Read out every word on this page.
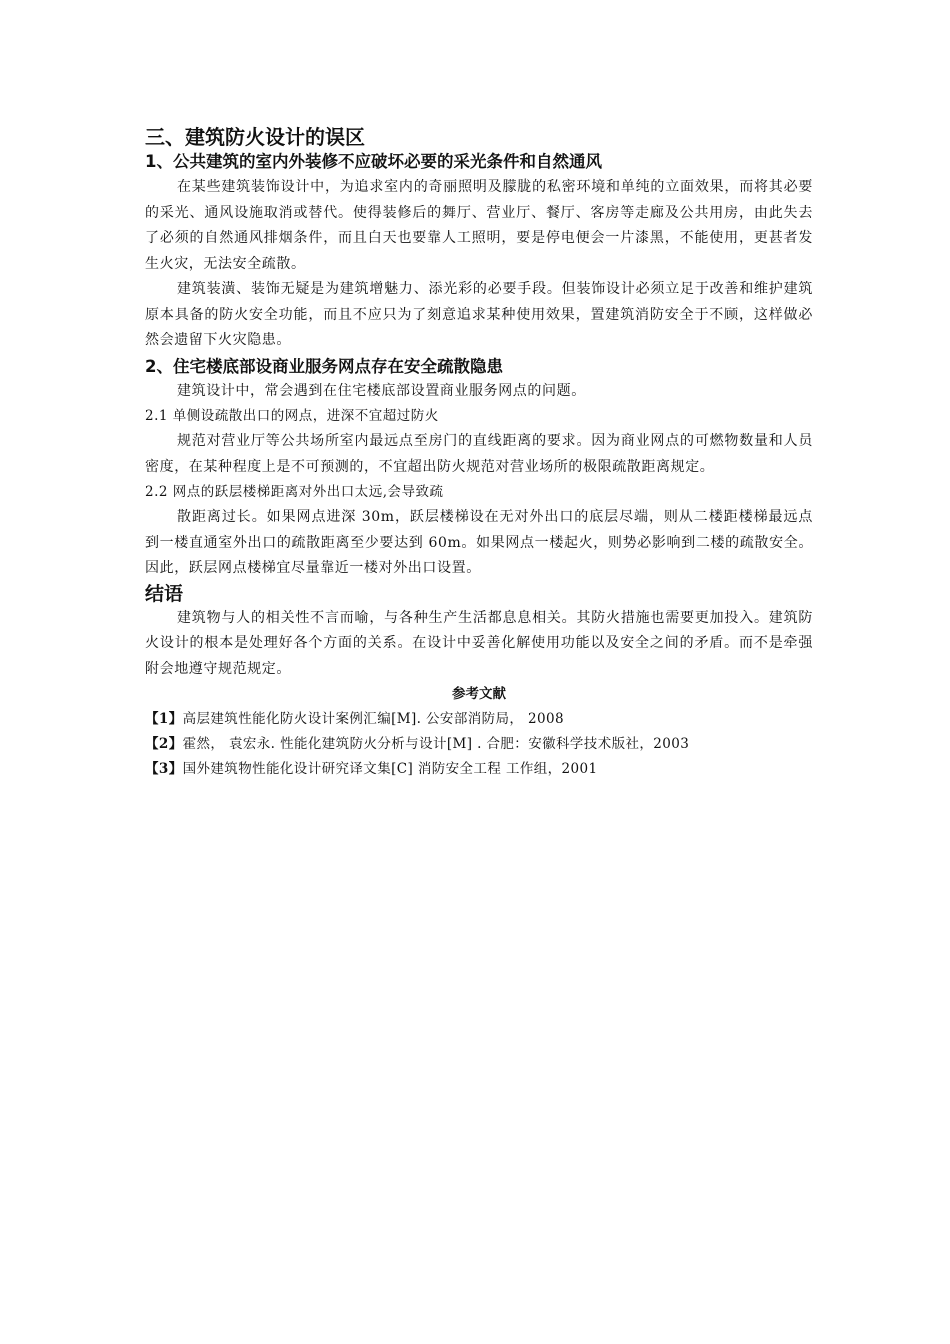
三、建筑防火设计的误区
1、公共建筑的室内外装修不应破坏必要的采光条件和自然通风

在某些建筑装饰设计中，为追求室内的奇丽照明及朦胧的私密环境和单纯的立面效果，而将其必要的采光、通风设施取消或替代。使得装修后的舞厅、营业厅、餐厅、客房等走廊及公共用房，由此失去了必须的自然通风排烟条件，而且白天也要靠人工照明，要是停电便会一片漆黑，不能使用，更甚者发生火灾，无法安全疏散。

建筑装潢、装饰无疑是为建筑增魅力、添光彩的必要手段。但装饰设计必须立足于改善和维护建筑原本具备的防火安全功能，而且不应只为了刻意追求某种使用效果，置建筑消防安全于不顾，这样做必然会遗留下火灾隐患。

2、住宅楼底部设商业服务网点存在安全疏散隐患

建筑设计中，常会遇到在住宅楼底部设置商业服务网点的问题。

2.1 单侧设疏散出口的网点，进深不宜超过防火

规范对营业厅等公共场所室内最远点至房门的直线距离的要求。因为商业网点的可燃物数量和人员密度，在某种程度上是不可预测的，不宜超出防火规范对营业场所的极限疏散距离规定。

2.2 网点的跃层楼梯距离对外出口太远,会导致疏

散距离过长。如果网点进深 30m，跃层楼梯设在无对外出口的底层尽端，则从二楼距楼梯最远点到一楼直通室外出口的疏散距离至少要达到 60m。如果网点一楼起火，则势必影响到二楼的疏散安全。因此，跃层网点楼梯宜尽量靠近一楼对外出口设置。

结语

建筑物与人的相关性不言而喻，与各种生产生活都息息相关。其防火措施也需要更加投入。建筑防火设计的根本是处理好各个方面的关系。在设计中妥善化解使用功能以及安全之间的矛盾。而不是牵强附会地遵守规范规定。

参考文献

【1】高层建筑性能化防火设计案例汇编[M]. 公安部消防局， 2008

【2】霍然， 袁宏永. 性能化建筑防火分析与设计[M] . 合肥：安徽科学技术版社，2003

【3】国外建筑物性能化设计研究译文集[C] 消防安全工程 工作组，2001
